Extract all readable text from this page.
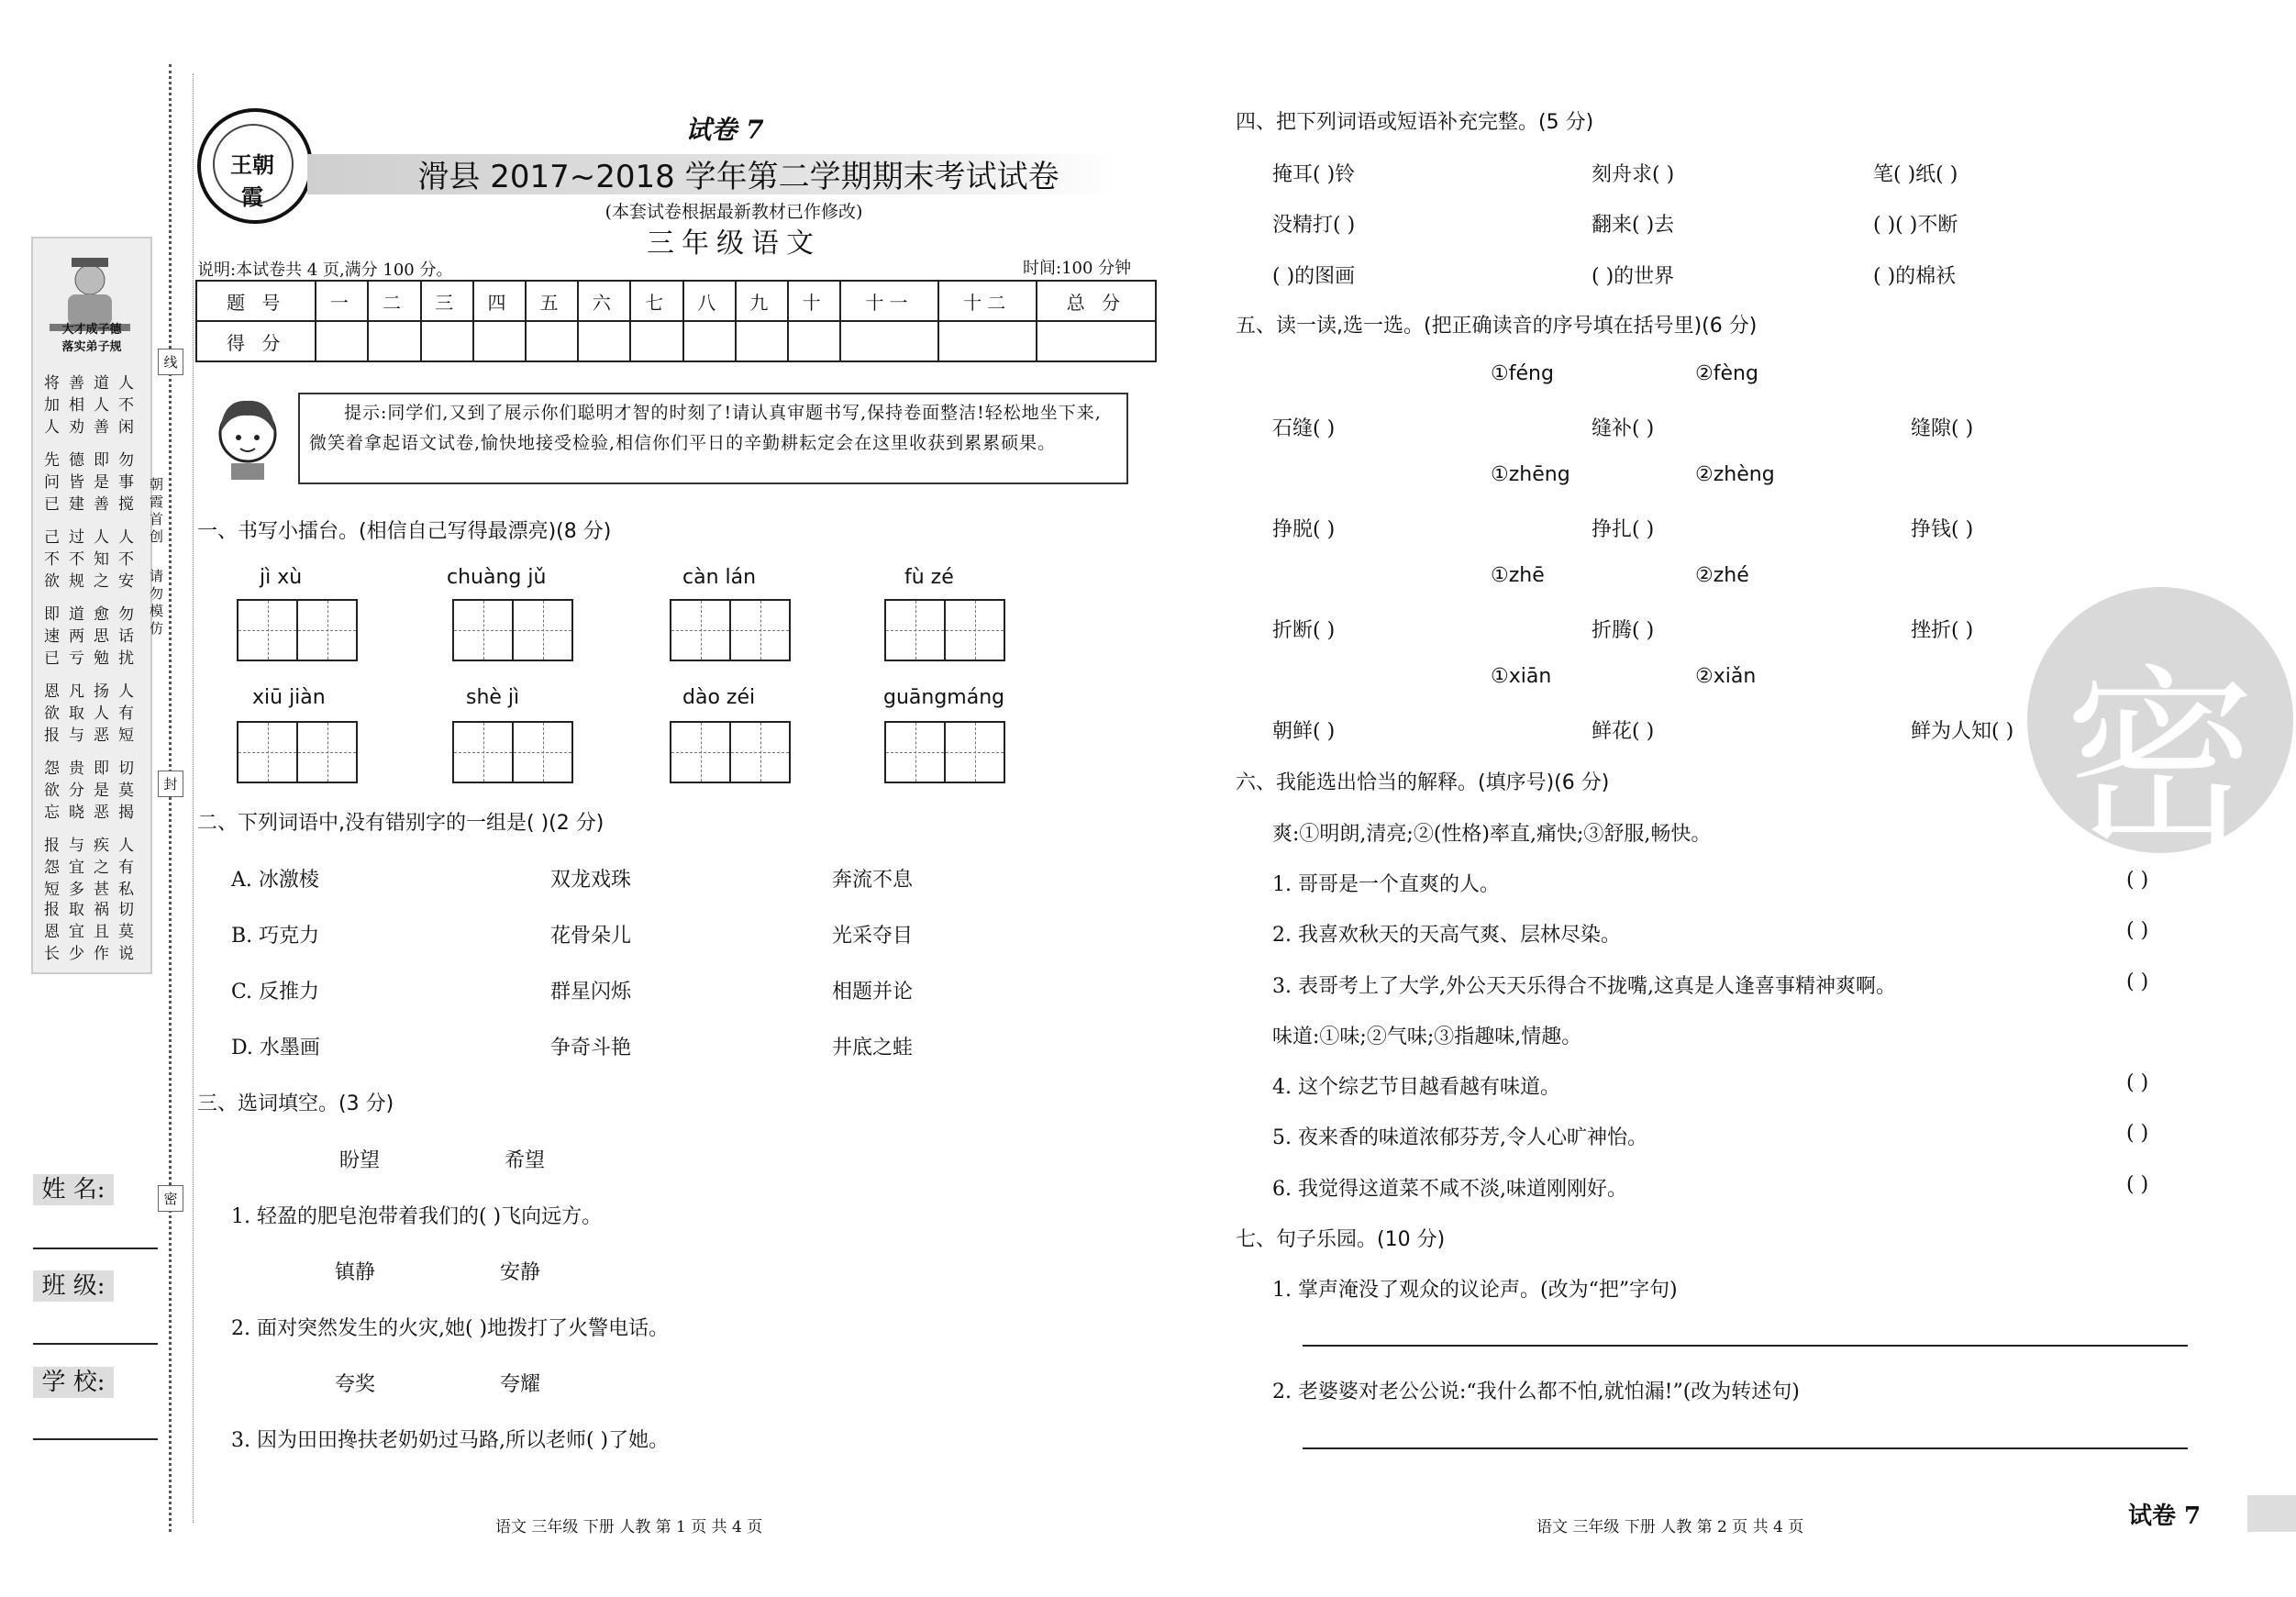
大才成子德
落实弟子规
将善道人
加相人不
人劝善闲
先德即勿
问皆是事
已建善搅
己过人人
不不知不
欲规之安
即道愈勿
速两思话
已亏勉扰
恩凡扬人
欲取人有
报与恶短
怨贵即切
欲分是莫
忘晓恶揭
报与疾人
怨宜之有
短多甚私
报取祸切
恩宜且莫
长少作说
朝霞首创
请勿模仿
线
封
密
姓 名:
班 级:
学 校:
王朝霞
试卷 7
滑县 2017~2018 学年第二学期期末考试试卷
(本套试卷根据最新教材已作修改)
三年级语文
说明:本试卷共 4 页,满分 100 分。	时间:100 分钟
题 号	一	二	三	四	五	六	七	八	九	十	十一	十二	总 分
得 分													
提示:同学们,又到了展示你们聪明才智的时刻了!请认真审题书写,保持卷面整洁!轻松地坐下来,微笑着拿起语文试卷,愉快地接受检验,相信你们平日的辛勤耕耘定会在这里收获到累累硕果。
一、书写小擂台。(相信自己写得最漂亮)(8 分)
jì xù	chuàng jǔ	càn lán	fù zé
xiū jiàn	shè jì	dào zéi	guāngmáng
二、下列词语中,没有错别字的一组是( )(2 分)
A. 冰激棱	双龙戏珠	奔流不息
B. 巧克力	花骨朵儿	光采夺目
C. 反推力	群星闪烁	相题并论
D. 水墨画	争奇斗艳	井底之蛙
三、选词填空。(3 分)
盼望	希望
1. 轻盈的肥皂泡带着我们的( )飞向远方。
镇静	安静
2. 面对突然发生的火灾,她( )地拨打了火警电话。
夸奖	夸耀
3. 因为田田搀扶老奶奶过马路,所以老师( )了她。
语文 三年级 下册 人教 第 1 页 共 4 页
密
四、把下列词语或短语补充完整。(5 分)
掩耳( )铃	刻舟求( )	笔( )纸( )
没精打( )	翻来( )去	( )( )不断
( )的图画	( )的世界	( )的棉袄
五、读一读,选一选。(把正确读音的序号填在括号里)(6 分)
①féng	②fèng
石缝( )	缝补( )	缝隙( )
①zhēng	②zhèng
挣脱( )	挣扎( )	挣钱( )
①zhē	②zhé
折断( )	折腾( )	挫折( )
①xiān	②xiǎn
朝鲜( )	鲜花( )	鲜为人知( )
六、我能选出恰当的解释。(填序号)(6 分)
爽:①明朗,清亮;②(性格)率直,痛快;③舒服,畅快。
1. 哥哥是一个直爽的人。	( )
2. 我喜欢秋天的天高气爽、层林尽染。	( )
3. 表哥考上了大学,外公天天乐得合不拢嘴,这真是人逢喜事精神爽啊。	( )
味道:①味;②气味;③指趣味,情趣。
4. 这个综艺节目越看越有味道。	( )
5. 夜来香的味道浓郁芬芳,令人心旷神怡。	( )
6. 我觉得这道菜不咸不淡,味道刚刚好。	( )
七、句子乐园。(10 分)
1. 掌声淹没了观众的议论声。(改为“把”字句)
2. 老婆婆对老公公说:“我什么都不怕,就怕漏!”(改为转述句)
语文 三年级 下册 人教 第 2 页 共 4 页	试卷 7
